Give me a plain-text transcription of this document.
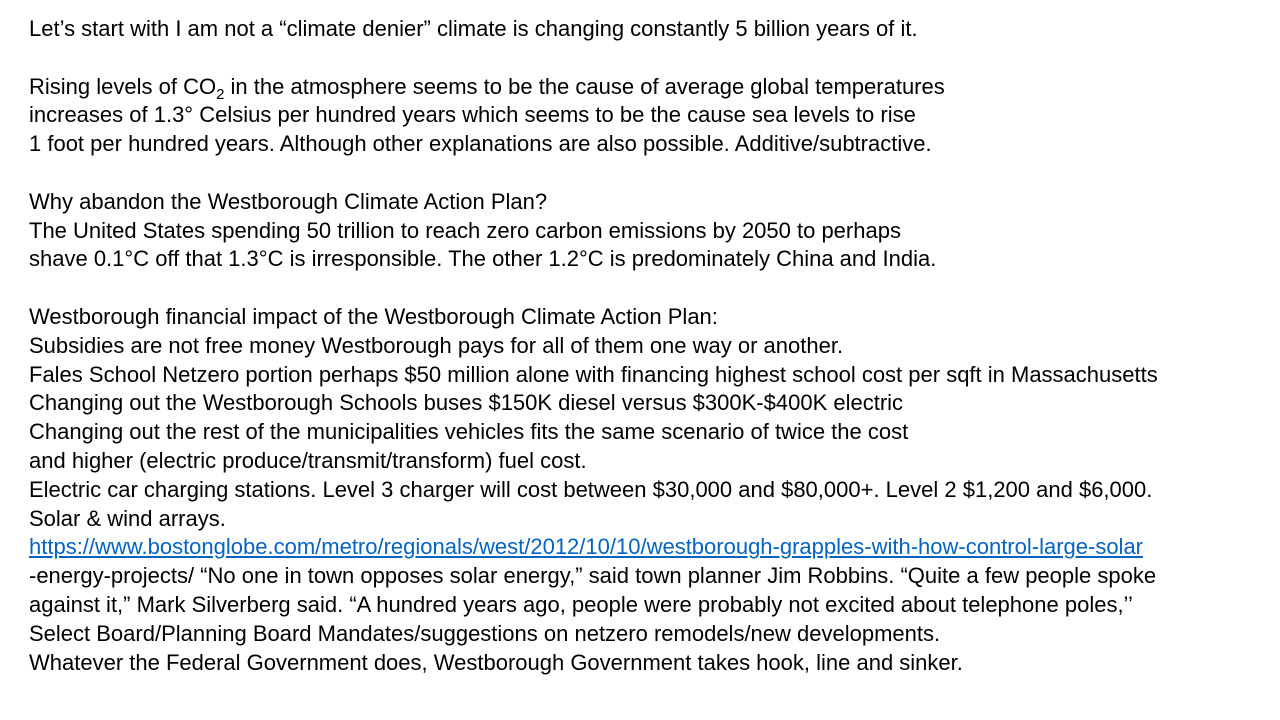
Let’s start with I am not a “climate denier” climate is changing constantly 5 billion years of it.
Rising levels of $CO_2$ in the atmosphere seems to be the cause of average global temperatures
increases of 1.3° Celsius per hundred years which seems to be the cause sea levels to rise
1 foot per hundred years. Although other explanations are also possible. Additive/subtractive.
Why abandon the Westborough Climate Action Plan?
The United States spending 50 trillion to reach zero carbon emissions by 2050 to perhaps
shave 0.1°C off that 1.3°C is irresponsible. The other 1.2°C is predominately China and India.
Westborough financial impact of the Westborough Climate Action Plan:
Subsidies are not free money Westborough pays for all of them one way or another.
Fales School Netzero portion perhaps $50 million alone with financing highest school cost per sqft in Massachusetts
Changing out the Westborough Schools buses $150K diesel versus $300K-$400K electric
Changing out the rest of the municipalities vehicles fits the same scenario of twice the cost
and higher (electric produce/transmit/transform) fuel cost.
Electric car charging stations. Level 3 charger will cost between $30,000 and $80,000+. Level 2 $1,200 and $6,000.
Solar & wind arrays.
https://www.bostonglobe.com/metro/regionals/west/2012/10/10/westborough-grapples-with-how-control-large-solar
-energy-projects/ “No one in town opposes solar energy,” said town planner Jim Robbins. “Quite a few people spoke
against it,” Mark Silverberg said. “A hundred years ago, people were probably not excited about telephone poles,’’
Select Board/Planning Board Mandates/suggestions on netzero remodels/new developments.
Whatever the Federal Government does, Westborough Government takes hook, line and sinker.
